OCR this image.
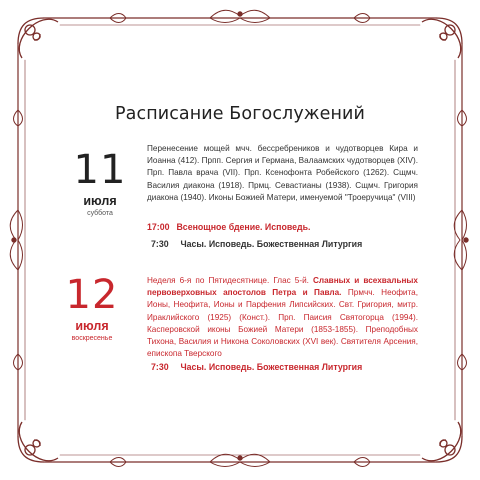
Расписание Богослужений
11
июля
суббота
Перенесение мощей мчч. бессребреников и чудотворцев Кира и Иоанна (412). Прпп. Сергия и Германа, Валаамских чудотворцев (XIV). Прп. Павла врача (VII). Прп. Ксенофонта Робейского (1262). Сщмч. Василия диакона (1918). Прмц. Севастианы (1938). Сщмч. Григория диакона (1940). Иконы Божией Матери, именуемой "Троеручица" (VIII)
17:00 Всенощное бдение. Исповедь.
7:30 Часы. Исповедь. Божественная Литургия
12
июля
воскресенье
Неделя 6-я по Пятидесятнице. Глас 5-й. Славных и всехвальных первоверховных апостолов Петра и Павла. Прмчч. Неофита, Ионы, Неофита, Ионы и Парфения Липсийских. Свт. Григория, митр. Ираклийского (1925) (Конст.). Прп. Паисия Святогорца (1994). Касперовской иконы Божией Матери (1853-1855). Преподобных Тихона, Василия и Никона Соколовских (XVI век). Святителя Арсения, епископа Тверского
7:30 Часы. Исповедь. Божественная Литургия
